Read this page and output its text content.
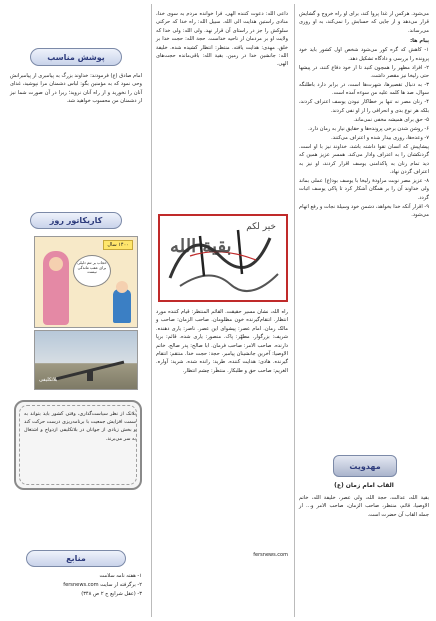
می‌شود. هرکس از غذا پروا کند، برای او راه خروج و گشایش قرار می‌دهد و از جایی که حسابش را نمی‌کند، به او روزی می‌رساند.

پیام ها:

۱- کاهش که گره کور می‌شود شخص اول کشور باید خود پرونده را بررسی و دادگاه تشکیل دهد.

۲- افراد مظهر را همچون کنید تا از خود دفاع کنند، در پیشها حتی زلیخا نیز مقصر داشت.

۳- به دنبال تقصیر‌ها، شهرت‌ها است، در برابر دارد باطلنگه سوال، صد ها کلمه علیه من سوءه آمده است.

۴- زنان مصر نه تنها بر خطاکار نبودن یوسف اعتراف کردند، بلکه هر نوع بدی و انحرافی را از او نفی کردند.

۵- حق برای همیشه مخفی نمی‌ماند.

۶- روشن شدن برخی پرونده‌ها و حقایق نیاز به زمان دارد.

۷- وعده‌ها، روزی بیدار شده و اعتراف می‌کنند.

پیشاپیش که انسان تقوا داشته باشد، خداوند نیز با او است. گردنکشان را به اعتراف وادار می‌کند. همسر عزیز همین که دید تمام زنان به پاکدامنی یوسف اقرار کردند، او نیز به اعتراف گردن نهاد.

۸- عزیز مصر نوبت مراودۀ زلیخا با یوسف بود(ع) عملی بماند ولی خداوند آن را بر همگان آشکار کرد تا پاکی یوسف اثبات گردد.

۹- اقرار آنکه خدا بخواهد، دشمن خود وسیلۀ نجات و رفع اتهام می‌شود.

مهدویت
القاب امام زمان (ع)
بقیة الله، عدالت، حجة الله، ولی عصر، خلیفة الله، خاتم الاوصیا، قائم، منتظر، صاحب الزمان، صاحب الامر و… از جمله القاب آن حضرت است.
داعی الله: دعوت کننده الهی. فرا خوانده مردم به سوی خدا، منادی راستین هدایت الی الله. سبیل الله: راه خدا که حرکتی سلوکش را جز در راستای آن قرار نهد. ولی الله: ولی خدا که ولایت او بر مردمان از ناحیه خداست. حجة الله: حجت خدا بر خلق. مهدی: هدایت یافته. منتظر: انتظار کشیده شده. خلیفة الله: جانشین خدا در زمین. بقیة الله: باقی‌مانده حجت‌های الهی.
بقیة الله
خیر لکم
راه الله، نشان مسیر حقیقت. القائم المنتظر: قیام کننده مورد انتظار. انتقام‌گیرنده خون مظلومان. صاحب الزمان: صاحب و مالک زمان. امام عصر: پیشوای این عصر. ناصر: یاری دهنده. شریف: بزرگوار. مطهّر: پاک. منصور: یاری شده. قائم: برپا دارنده. صاحب الامر: صاحب فرمان. ابا صالح: پدر صالح. خاتم الاوصیا: آخرین جانشینان پیامبر. حجة: حجت خدا. منتقم: انتقام گیرنده. هادی: هدایت کننده. طرید: رانده شده. شرید: آواره. الغریم: صاحب حق و طلبکار. منتظَر: چشم انتظار.
fersnews.com
پوشش مناسب
امام صادق (ع) فرمودند: خداوند بزرگ به پیامبری از پیامبرانش وحی نمود که به مؤمنین بگو: لباس دشمنان مرا نپوشید، غذای آنان را نخورید و از راه آنان نروید؛ زیرا در آن صورت شما نیز از دشمنان من محسوب خواهید شد.
کاریکاتور روز
۱۴۰۰ سال
حجاب بر تنم دلیلی برای عقب ماندگی نیست
بلاتکلیفی
بلاتک از نظر سیاست‌گذاری، وقتی کشور باید بتواند به سمت افزایش جمعیت با برنامه‌ریزی درست حرکت کند و بخش زیادی از جوانان در بلاتکلیفی ازدواج و اشتغال به سر می‌برند.
منابع

۱- هفته نامه سلامت

۲- برگرفته از سایت fersnews.com

۳- (عقل شرایع ج ۲ ص ۳۴۸)
